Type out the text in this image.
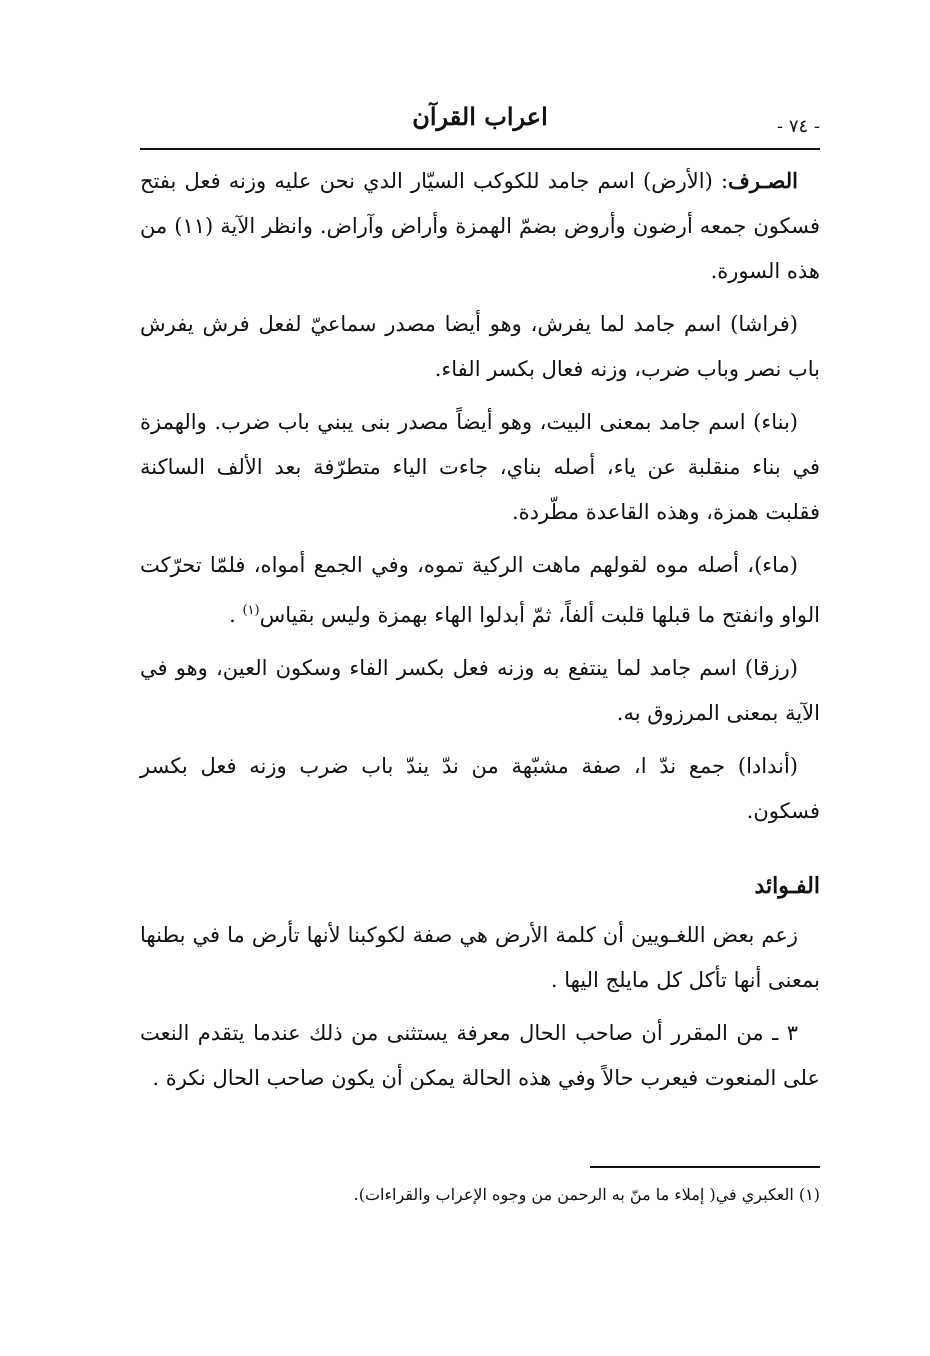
اعراب القرآن	- ٧٤ -

الصـرف: (الأرض) اسم جامد للكوكب السيّار الدي نحن عليه وزنه فعل بفتح فسكون جمعه أرضون وأروض بضمّ الهمزة وأراض وآراض. وانظر الآية (١١) من هذه السورة.

(فراشا) اسم جامد لما يفرش، وهو أيضا مصدر سماعيّ لفعل فرش يفرش باب نصر وباب ضرب، وزنه فعال بكسر الفاء.

(بناء) اسم جامد بمعنى البيت، وهو أيضاً مصدر بنى يبني باب ضرب. والهمزة في بناء منقلبة عن ياء، أصله بناي، جاءت الياء متطرّفة بعد الألف الساكنة فقلبت همزة، وهذه القاعدة مطّردة.

(ماء)، أصله موه لقولهم ماهت الركية تموه، وفي الجمع أمواه، فلمّا تحرّكت الواو وانفتح ما قبلها قلبت ألفاً، ثمّ أبدلوا الهاء بهمزة وليس بقياس$^{(١)}$ .

(رزقا) اسم جامد لما ينتفع به وزنه فعل بكسر الفاء وسكون العين، وهو في الآية بمعنى المرزوق به.

(أندادا) جمع ندّ ا، صفة مشبّهة من ندّ يندّ باب ضرب وزنه فعل بكسر فسكون.

الفـوائد

زعم بعض اللغـويين أن كلمة الأرض هي صفة لكوكبنا لأنها تأرض ما في بطنها بمعنى أنها تأكل كل مايلج اليها .

٣ ـ من المقرر أن صاحب الحال معرفة يستثنى من ذلك عندما يتقدم النعت على المنعوت فيعرب حالاً وفي هذه الحالة يمكن أن يكون صاحب الحال نكرة .

(١) العكبري في( إملاء ما منّ به الرحمن من وجوه الإعراب والقراءات).
